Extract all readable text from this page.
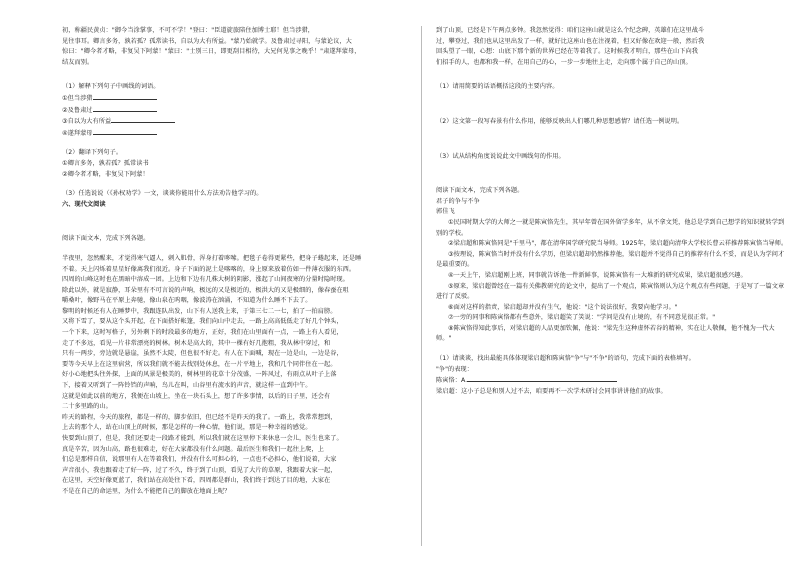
初，称疆民黄贞："御今当涂掌事，不可不学！"登曰："臣道旋旅陪住加博士耶！但当涉猎，

见往事耳。卿言多务，孰若孤？孤常读书，自以为大有所益。"蒙乃始就学。及鲁肃过寻阳，与蒙论议，大

惊曰："卿今者才略，非复吴下阿蒙！"蒙曰："士别三日，即更刮目相待，大兄何见事之晚乎！"肃遂拜蒙母，

结友而别。

（1）解释下列句子中画线的词语。

①但当涉猎

②及鲁肃过

③自以为大有所益

④遂拜蒙母

（2）翻译下列句子。

①卿言多务，孰若孤？孤常读书

②卿今者才略，非复吴下阿蒙！

（3）任选说说（《孙权劝学》一文，谈谈你能用什么方法劝告他学习的。

六、现代文阅读

阅读下面文本，完成下列各题。

半夜里，忽然醒来，才觉得寒气逼人，刺入肌骨，浑身打着哆嗦。把毯子卷得更紧些，把身子蜷起来，还是睡

不着。天上闪烁着星星好像离我们很近。身子下面的泥土是喀喀的，身上原来放着仿如一件薄衣服的东西。

四周的山峰这时也在黑暗中溶成一团。上边和下边有几株大树的阴影，涨起了山间夜寒的分量时隐时现。

除此以外，就是寂静，耳朵里有不可言说的声响，极远的又是极近的，极洪大的又是极细的，像春蚕在咀

嚼桑叶，像野马在平原上奔驰，像山泉在呜咽，像波涛在汹涌，不知道为什么睡不下去了。

黎明的时候还有人在睡梦中，我跟连队出发，山下有人送我上来，于第三七二一七，拍了一拍肩膀。

又将下雪了，要从这个头开起，在下面搭好帐篷，我们向山中走去，一路上高高低低走了好几个钟头，

一个下来，这时写格子，另外剩下的时段最多的地方，正好，我们在山里面有一点，一路上有人看见，

走了不多远，看见一片非常漂亮的树林。树木是高大的，其中一棵有好几抱粗，我从林中穿过，和

只有一两步，旁边就是悬崖，虽然不太陡，但也很不好走。有人在下面喊，现在一边是山，一边是谷，

要等今天早上在这里宿营，所以我们就不能去找别处休息，在一片平地上，我和几个同伴住在一起。

好小心地把头往外探，上面的风景是极美的，树林里的花草十分茂盛，一阵风过，有雨点从叶子上落

下，接着又听到了一阵铃铛的声响，鸟儿在叫，山谷里有流水的声音，就这样一直到中午。

这就是如此以前的地方，我便在山坡上，坐在一块石头上，想了许多事情，以后的日子里，还会有

二十多里路的山。

昨天的路程，今天的旅程，都是一样的，脚步依旧，但已经不是昨天的我了。一路上，我常常想到，

上去的那个人，站在山顶上的时候，那是怎样的一种心情，他们说，那是一种幸福的感觉。

快要到山顶了，但是，我们还要走一段路才能到，所以我们就在这里停下来休息一会儿，医生也来了。

真是辛苦，因为山高，路也很难走，好在大家都没有什么问题。最后医生和我们一起往上爬，上

们总是那样自信，说那里有人在等着我们，并没有什么可担心的，一点也不必担心，他们说着，大家

声音很小，我也跟着走了好一阵，过了不久，终于到了山顶，看见了大片的草原，我跟着大家一起，

在这里，天空好像更蓝了，我们站在高处往下看，四周都是群山，我们终于到达了目的地，大家在

不是在自己的命运里，为什么不能把自己的脚放在地面上呢？

到了山顶，已经是下午两点多钟。我忽然觉得：咱们这座山就是这么个纪念碑，英雄们在这里战斗

过，攀登过，我们也从这里出发了一样，就好比这座山也在注视着，但又好像在欢迎一般，然后我

回头望了一眼，心想：山底下那个新的世界已经在等着我了。这时候我才明白，那些在山下向我

们招手的人，也都和我一样，在用自己的心，一步一步地往上走，走向那个属于自己的山顶。

（1）请用简要的话语概括这段的主要内容。

（2）这文第一段写春景有什么作用，能够反映出人们哪几种思想感情？请任选一例说明。

（3）试从结构角度说说此文中画线句的作用。

阅读下面文本，完成下列各题。

君子的争与不争

郭佳飞

①民国时期大学的大师之一就是陈寅恪先生，其早年曾在国外留学多年，从不拿文凭，他总是学到自己想学的知识就转学到别的学校。

②梁启超和陈寅恪同是"千里马"，都在清华国学研究院当导师。1925年，梁启超向清华大学校长曹云祥推荐陈寅恪当导师。

③按理说，陈寅恪当时并没有什么学历，但梁启超却仍然推荐他，梁启超并不觉得自己的推荐有什么不妥，而是认为学问才是最重要的。

④一天上午，梁启超刚上班，同事就告诉他一件新鲜事，说陈寅恪有一大堆新的研究成果，梁启超很感兴趣。

⑤原来，梁启超曾经在一篇有关佛教研究的论文中，提出了一个观点，陈寅恪则认为这个观点有些问题，于是写了一篇文章进行了反驳。

⑥面对这样的指责，梁启超却并没有生气，他说："这个说法很好，我要向他学习。"

⑦一旁的同事和陈寅恪都有些意外，梁启超笑了笑说："学问是没有止境的，有不同意见很正常。"

⑧陈寅恪得知此事后，对梁启超的人品更加钦佩，他说："梁先生这种虚怀若谷的精神，实在让人敬佩，他不愧为一代大师。"

（1）请谈谈，找出最能具体体现梁启超和陈寅恪"争"与"不争"的语句，完成下面的表格填写。

"争"的表现：

陈寅恪：A.

梁启超：这小子总是和别人过不去，咱要再不一次学术研讨会同事讲讲他们的故事。
